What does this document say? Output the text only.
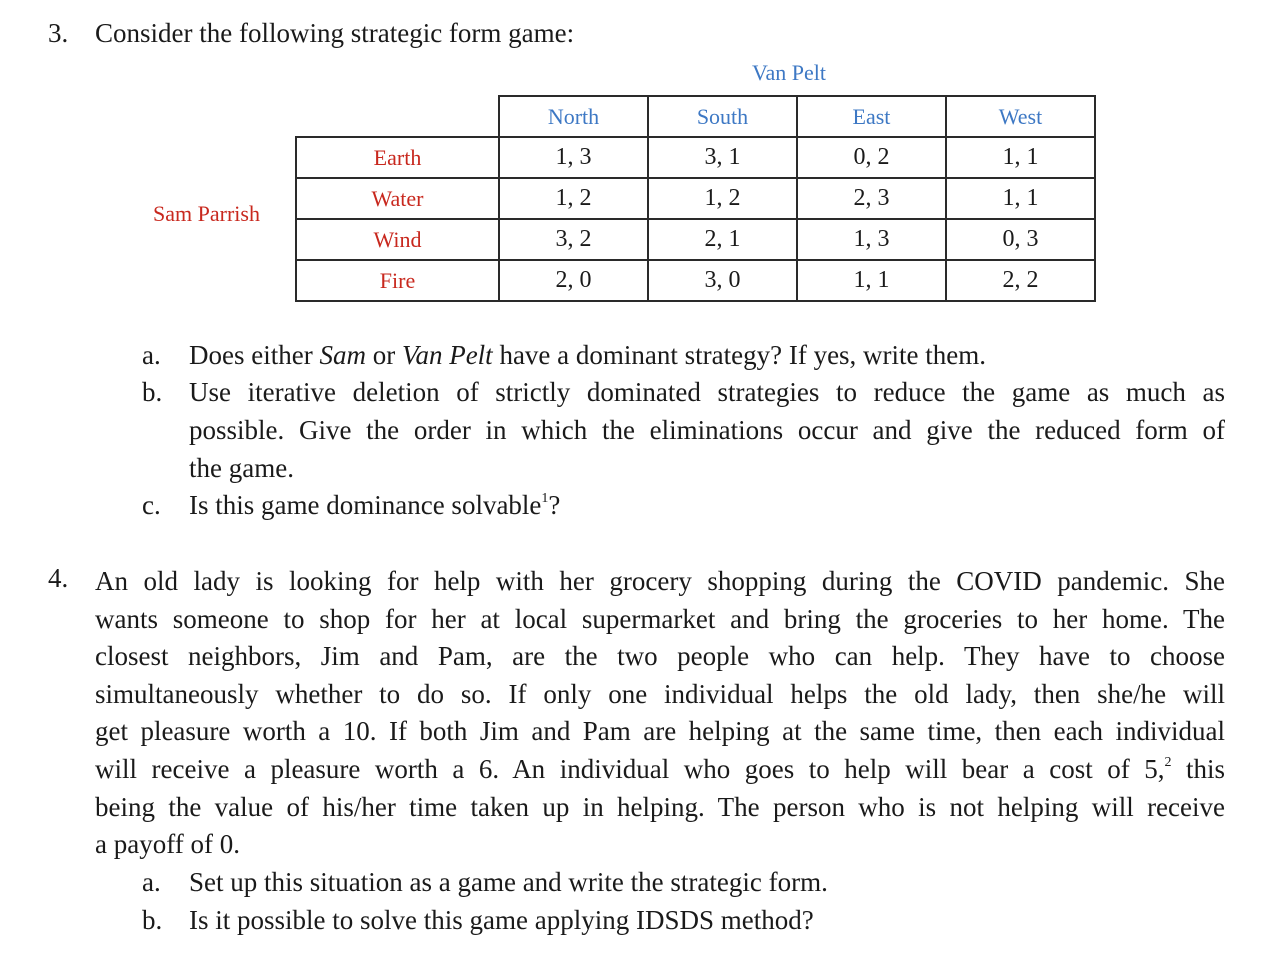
3. Consider the following strategic form game:
Van Pelt
Sam Parrish
	North	South	East	West
Earth	1, 3	3, 1	0, 2	1, 1
Water	1, 2	1, 2	2, 3	1, 1
Wind	3, 2	2, 1	1, 3	0, 3
Fire	2, 0	3, 0	1, 1	2, 2
a. Does either Sam or Van Pelt have a dominant strategy? If yes, write them.
b. Use iterative deletion of strictly dominated strategies to reduce the game as much as
possible. Give the order in which the eliminations occur and give the reduced form of
the game.
c. Is this game dominance solvable$^1$?
4. An old lady is looking for help with her grocery shopping during the COVID pandemic. She
wants someone to shop for her at local supermarket and bring the groceries to her home. The
closest neighbors, Jim and Pam, are the two people who can help. They have to choose
simultaneously whether to do so. If only one individual helps the old lady, then she/he will
get pleasure worth a 10. If both Jim and Pam are helping at the same time, then each individual
will receive a pleasure worth a 6. An individual who goes to help will bear a cost of 5,$^2$ this
being the value of his/her time taken up in helping. The person who is not helping will receive
a payoff of 0.
a. Set up this situation as a game and write the strategic form.
b. Is it possible to solve this game applying IDSDS method?
